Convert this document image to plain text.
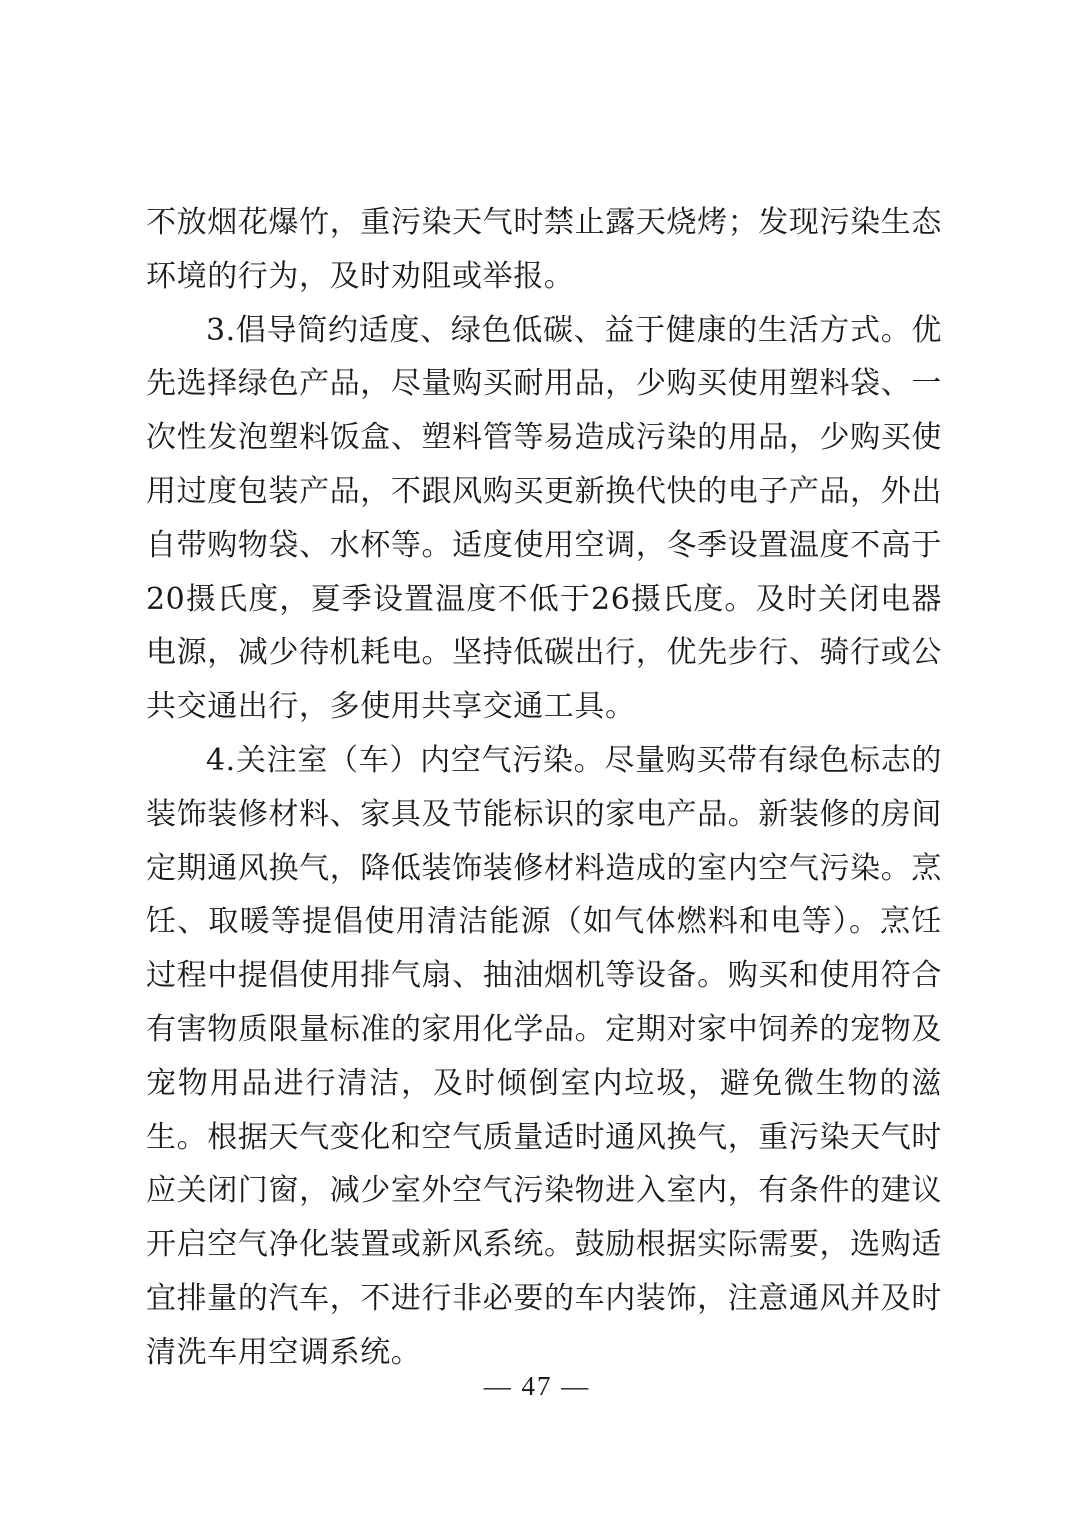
不放烟花爆竹，重污染天气时禁止露天烧烤；发现污染生态环境的行为，及时劝阻或举报。

3.倡导简约适度、绿色低碳、益于健康的生活方式。优先选择绿色产品，尽量购买耐用品，少购买使用塑料袋、一次性发泡塑料饭盒、塑料管等易造成污染的用品，少购买使用过度包装产品，不跟风购买更新换代快的电子产品，外出自带购物袋、水杯等。适度使用空调，冬季设置温度不高于20摄氏度，夏季设置温度不低于26摄氏度。及时关闭电器电源，减少待机耗电。坚持低碳出行，优先步行、骑行或公共交通出行，多使用共享交通工具。

4.关注室（车）内空气污染。尽量购买带有绿色标志的装饰装修材料、家具及节能标识的家电产品。新装修的房间定期通风换气，降低装饰装修材料造成的室内空气污染。烹饪、取暖等提倡使用清洁能源（如气体燃料和电等）。烹饪过程中提倡使用排气扇、抽油烟机等设备。购买和使用符合有害物质限量标准的家用化学品。定期对家中饲养的宠物及宠物用品进行清洁，及时倾倒室内垃圾，避免微生物的滋生。根据天气变化和空气质量适时通风换气，重污染天气时应关闭门窗，减少室外空气污染物进入室内，有条件的建议开启空气净化装置或新风系统。鼓励根据实际需要，选购适宜排量的汽车，不进行非必要的车内装饰，注意通风并及时清洗车用空调系统。

— 47 —
